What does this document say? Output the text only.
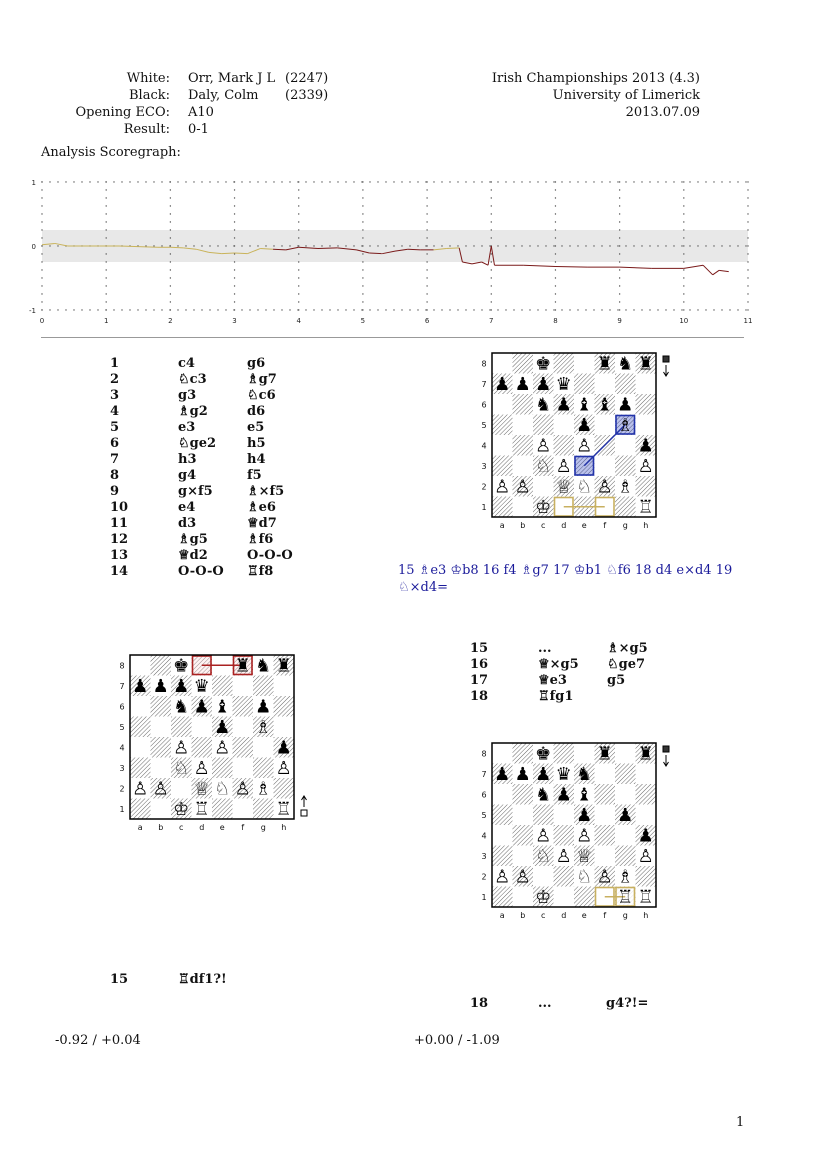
White: Orr, Mark J L (2247)
Black: Daly, Colm (2339)
Opening ECO: A10
Result: 0-1
Irish Championships 2013 (4.3)
University of Limerick
2013.07.09
Analysis Scoregraph:
1
0
-1
0	1	2	3	4	5	6	7	8	9	10	11
1	c4	g6
2	♘c3	♗g7
3	g3	♘c6
4	♗g2	d6
5	e3	e5
6	♘ge2 h5
7	h3	h4
8	g4	f5
9	g×f5	♗×f5
10	e4	♗e6
11	d3	♕d7
12	♗g5	♗f6
13	♕d2	O-O-O
14	O-O-O ♖f8
♚	♜ ♞ ♜
♟ ♟ ♟ ♛
♞ ♟ ♝ ♝ ♟
♟ ♗
♟
♙ ♙
♘ ♙	♙
♙ ♙ ♕ ♘ ♙ ♗
♔	♖
8
7
6
5
4
3
2
1
a b c d e f g h
15 ♗e3 ♔b8 16 f4 ♗g7 17 ♔b1 ♘f6 18 d4 e×d4 19 ♘×d4=
♚	♜ ♞ ♜
♟ ♟ ♟ ♛
♞ ♟ ♝ ♟
♟ ♗
♟
♙ ♙
♘ ♙	♙
♙ ♙ ♕ ♘ ♙ ♗
♔ ♖	♖
8
7
6
5
4
3
2
1
a b c d e f g h
15	...	♗×g5
16	♕×g5 ♘ge7
17	♕e3	g5
18	♖fg1
♚	♜ ♜
♟ ♟ ♟ ♛ ♞
♞ ♟ ♝
♟ ♟
♟
♙ ♙
♘ ♙ ♕	♙
♙ ♙	♘ ♙ ♗
♔	♖ ♖
8
7
6
5
4
3
2
1
a b c d e f g h
15	♖df1?!
18	...	g4?!=
-0.92 / +0.04	+0.00 / -1.09
1
